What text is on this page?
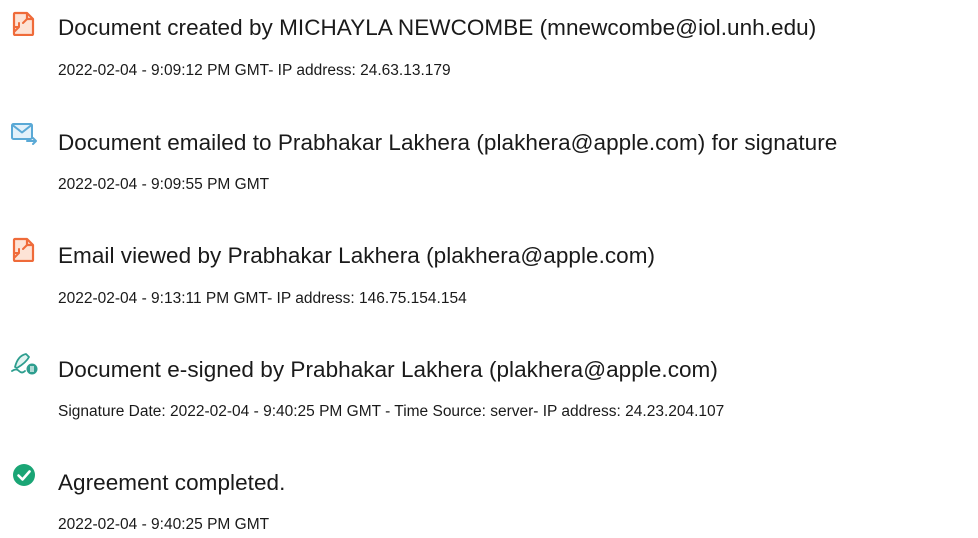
Document created by MICHAYLA NEWCOMBE (mnewcombe@iol.unh.edu)
2022-02-04 - 9:09:12 PM GMT- IP address: 24.63.13.179
Document emailed to Prabhakar Lakhera (plakhera@apple.com) for signature
2022-02-04 - 9:09:55 PM GMT
Email viewed by Prabhakar Lakhera (plakhera@apple.com)
2022-02-04 - 9:13:11 PM GMT- IP address: 146.75.154.154
Document e-signed by Prabhakar Lakhera (plakhera@apple.com)
Signature Date: 2022-02-04 - 9:40:25 PM GMT - Time Source: server- IP address: 24.23.204.107
Agreement completed.
2022-02-04 - 9:40:25 PM GMT
